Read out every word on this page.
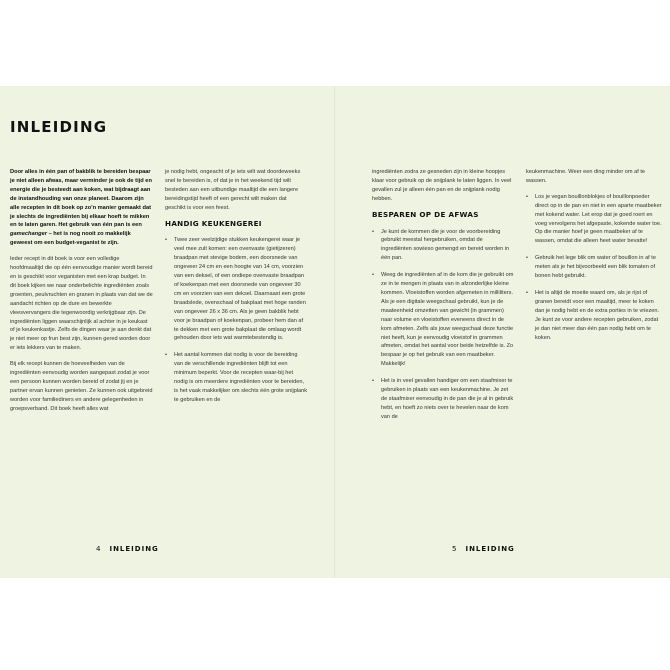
INLEIDING

Door alles in één pan of bakblik te bereiden bespaar je niet alleen afwas, maar verminder je ook de tijd en energie die je besteedt aan koken, wat bijdraagt aan de instandhouding van onze planeet. Daarom zijn alle recepten in dit boek op zo'n manier gemaakt dat je slechts de ingrediënten bij elkaar hoeft te mikken en te laten garen. Het gebruik van één pan is een gamechanger – het is nog nooit zo makkelijk geweest om een budget-veganist te zijn.

Ieder recept in dit boek is voor een volledige hoofdmaaltijd die op één eenvoudige manier wordt bereid en is geschikt voor veganisten met een krap budget. In dit boek kijken we naar onderbelichte ingrediënten zoals groenten, peulvruchten en granen in plaats van dat we de aandacht richten op de dure en bewerkte vleesvervangers die tegenwoordig verkrijgbaar zijn. De ingrediënten liggen waarschijnlijk al achter in je keukast of je keukenkastje. Zelfs de dingen waar je aan denkt dat je niet meer op frun best zijn, kunnen gered worden door er iets lekkers van te maken.

Bij elk recept kunnen de hoeveelheden van de ingrediënten eenvoudig worden aangepast zodat je voor een persoon kunnen worden bereid of zodat jij en je partner ervan kunnen genieten. Ze kunnen ook uitgebreid worden voor familiediners en andere gelegenheden in groepsverband. Dit boek heeft alles wat

je nodig hebt, ongeacht of je iets wilt wat doordeweeks snel te bereiden is, of dat je in het weekend tijd wilt besteden aan een uitbundige maaltijd die een langere bereidingstijd heeft of een gerecht wilt maken dat geschikt is voor een feest.

HANDIG KEUKENGEREI
• Twee zeer veelzijdige stukken keukengerei waar je veel mee zult komen: een ovenvaste (gietijzeren) braadpan met stevige bodem, een doorsnede van ongeveer 24 cm en een hoogte van 14 cm, voorzien van een deksel, of een ondiepe ovenvaste braadpan of koekenpan met een doorsnede van ongeveer 30 cm en voorzien van een deksel. Daarnaast een grote braadslede, ovenschaal of bakplaat met hoge randen van ongeveer 26 x 36 cm. Als je geen bakblik hebt voor je braadpan of koekenpan, probeer hem dan af te dekken met een grote bakplaat die omlaag wordt gehouden door iets wat warmtebestendig is.
• Het aantal kommen dat nodig is voor de bereiding van de verschillende ingrediënten blijft tot een minimum beperkt. Voor de recepten waar-bij het nodig is om meerdere ingrediënten voor te bereiden, is het vaak makkelijker om slechts één grote snijplank te gebruiken en de

ingrediënten zodra ze gesneden zijn in kleine hoopjes klaar voor gebruik op de snijplank te laten liggen. In veel gevallen zul je alleen één pan en de snijplank nodig hebben.

BESPAREN OP DE AFWAS
• Je kunt de kommen die je voor de voorbereiding gebruikt meestal hergebruiken, omdat de ingrediënten sowieso gemengd en bereid worden in één pan.
• Weeg de ingrediënten af in de kom die je gebruikt om ze in te mengen in plaats van in afzonderlijke kleine kommen. Vloeistoffen worden afgemeten in milliliters. Als je een digitale weegschaal gebruikt, kun je de maateenheid omzetten van gewicht (in grammen) naar volume en vloeistoffen eveneens direct in de kom afmeten. Zelfs als jouw weegschaal deze functie niet heeft, kun je eenvoudig vloeistof in grammen afmeten, omdat het aantal voor beide hetzelfde is. Zo bespaar je op het gebruik van een maatbeker. Makkelijk!
• Het is in veel gevallen handiger om een staafmixer te gebruiken in plaats van een keukenmachine. Je zet de staafmixer eenvoudig in de pan die je al in gebruik hebt, en hoeft zo niets over te hevelen naar de kom van de

keukenmachine. Weer een ding minder om af te wassen.

• Los je vegan bouillonblokjes of bouillonpoeder direct op in de pan en niet in een aparte maatbeker met kokend water. Let erop dat je goed roert en voeg vervolgens het afgepaste, kokende water toe. Op die manier hoef je geen maatbeker af te wassen, omdat die alleen heet water bevatte!
• Gebruik het lege blik om water of bouillon in af te meten als je het bijvoorbeeld een blik tomaten of bonen hebt gebruikt.
• Het is altijd de moeite waard om, als je rijst of granen bereidt voor een maaltijd, meer te koken dan je nodig hebt en de extra porties in te vriezen. Je kunt ze voor andere recepten gebruiken, zodat je dan niet meer dan één pan nodig hebt om te koken.
4 INLEIDING	5 INLEIDING
